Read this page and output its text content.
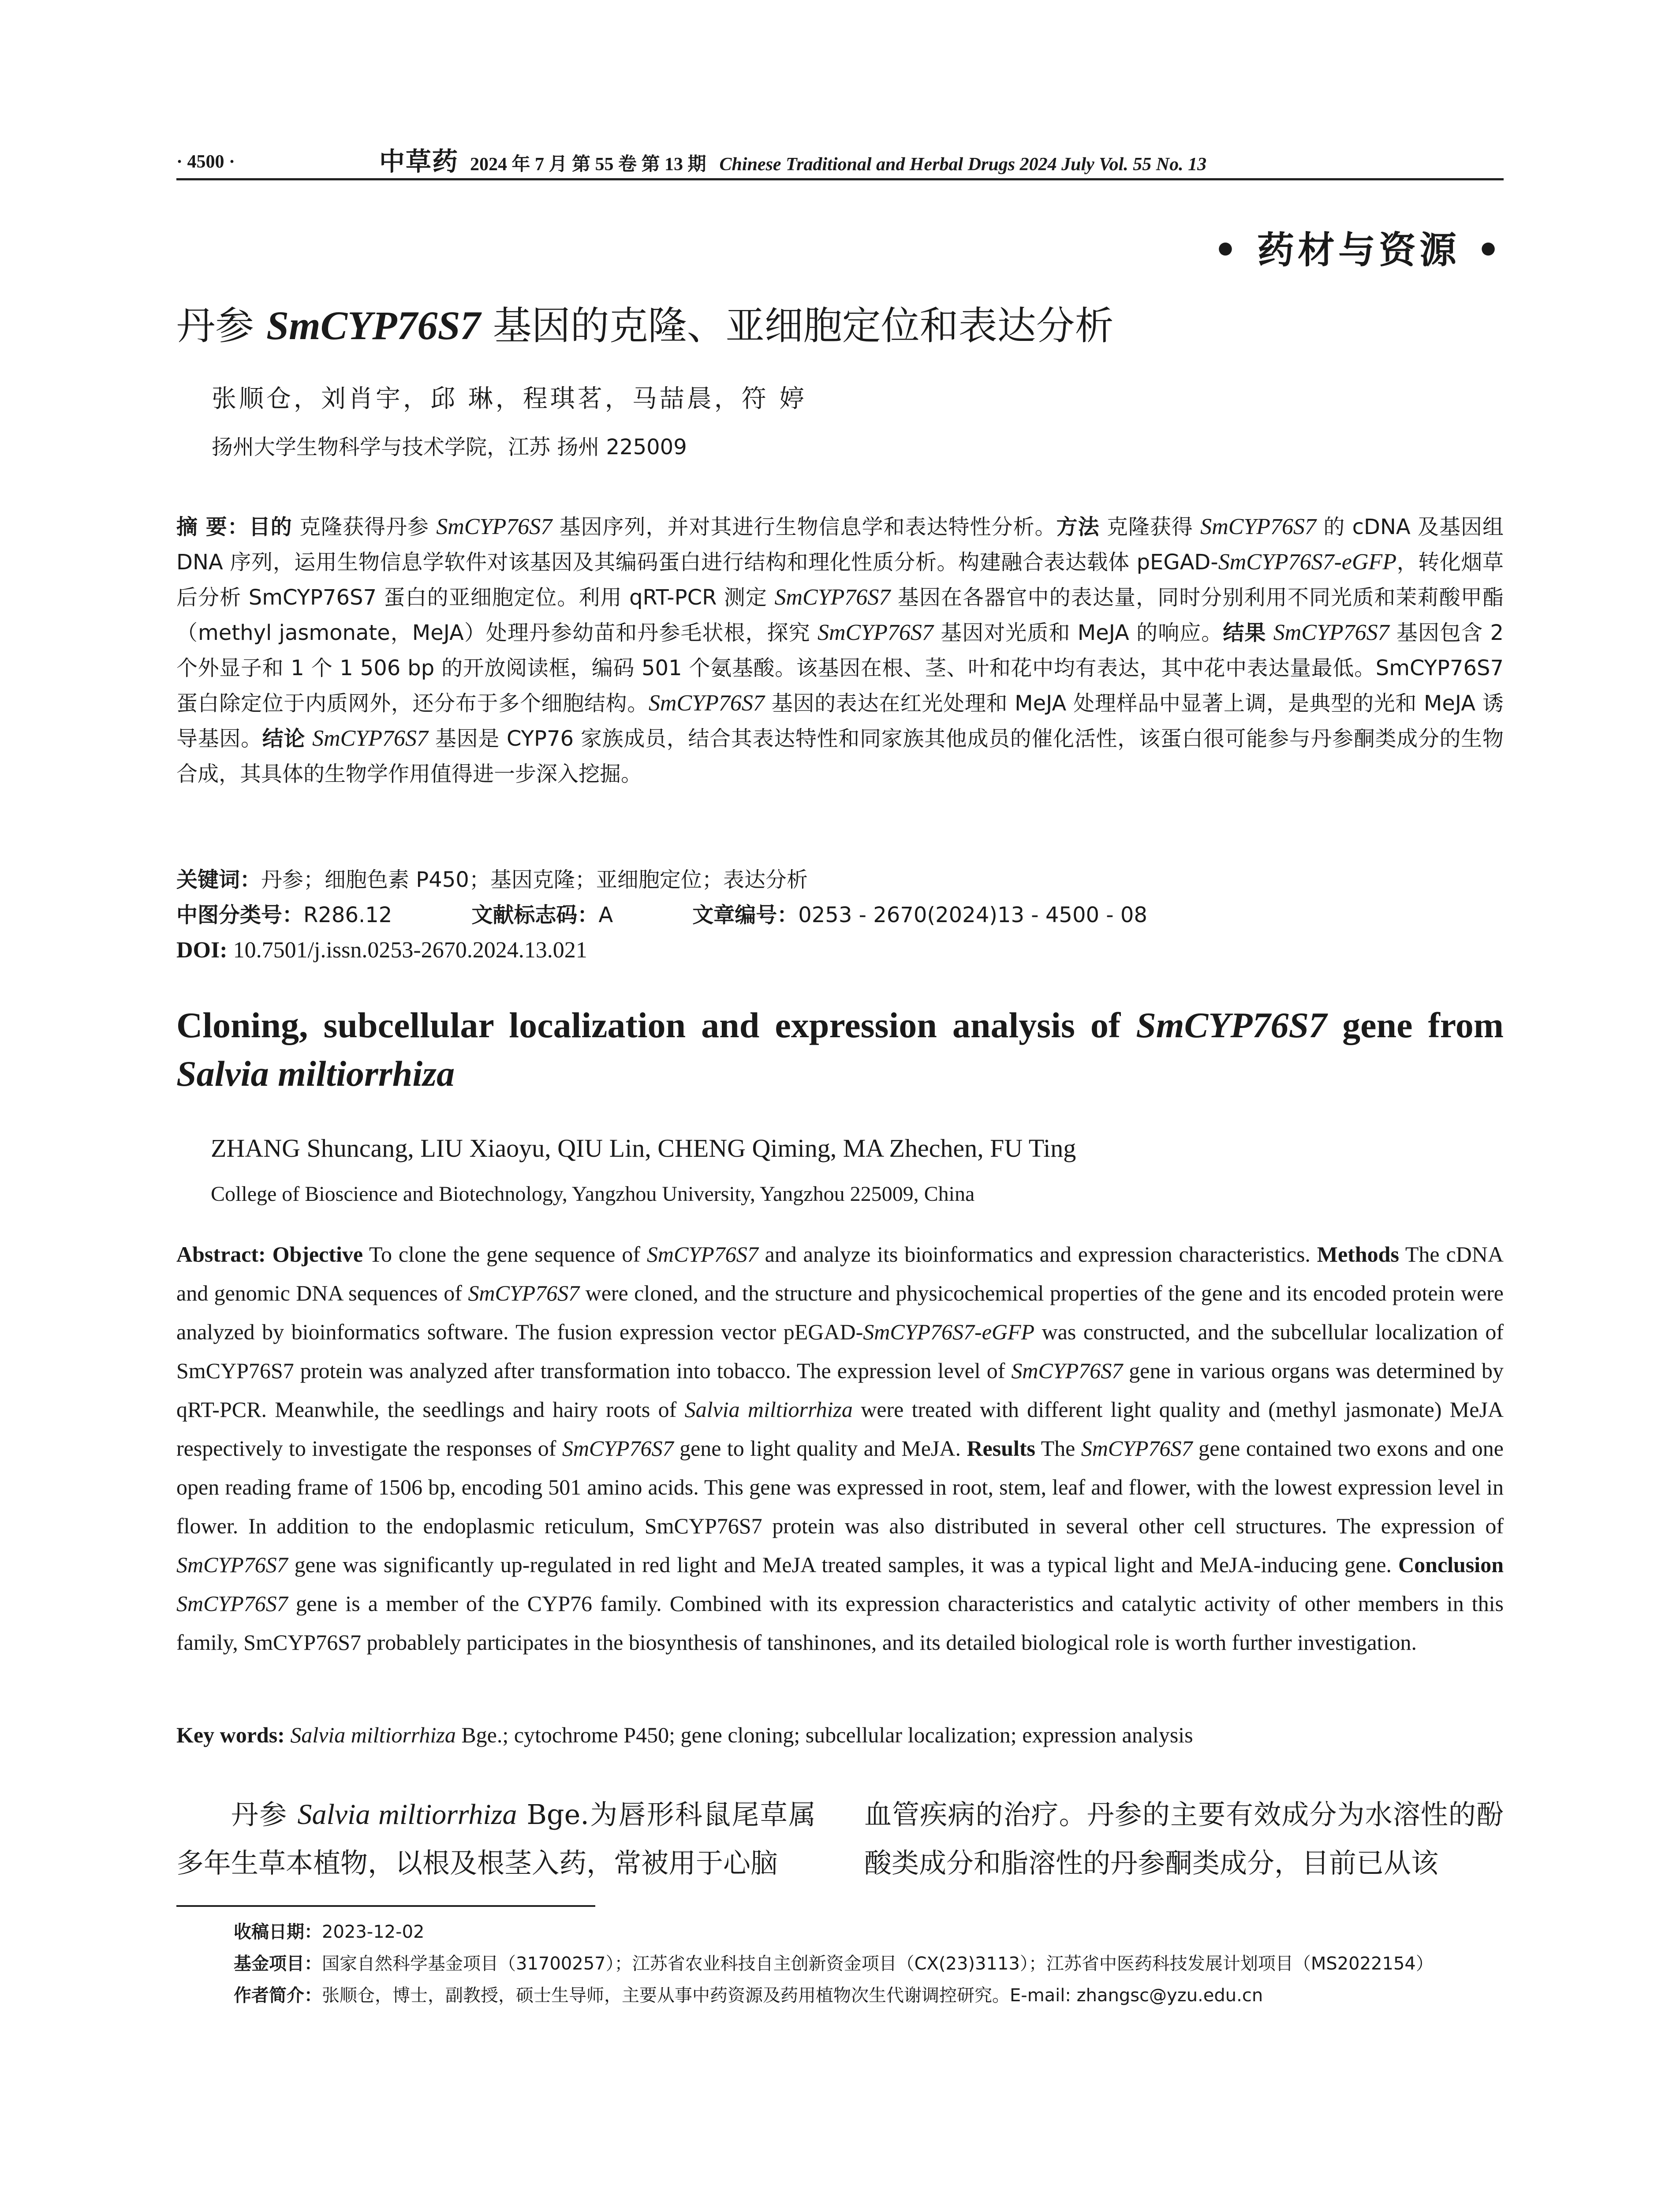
· 4500 ·	中草药 2024 年 7 月 第 55 卷 第 13 期 Chinese Traditional and Herbal Drugs 2024 July Vol. 55 No. 13
• 药材与资源 •
丹参 SmCYP76S7 基因的克隆、亚细胞定位和表达分析
张顺仓，刘肖宇，邱 琳，程琪茗，马喆晨，符 婷
扬州大学生物科学与技术学院，江苏 扬州 225009

摘 要：目的 克隆获得丹参 SmCYP76S7 基因序列，并对其进行生物信息学和表达特性分析。方法 克隆获得 SmCYP76S7 的 cDNA 及基因组 DNA 序列，运用生物信息学软件对该基因及其编码蛋白进行结构和理化性质分析。构建融合表达载体 pEGAD-SmCYP76S7-eGFP，转化烟草后分析 SmCYP76S7 蛋白的亚细胞定位。利用 qRT-PCR 测定 SmCYP76S7 基因在各器官中的表达量，同时分别利用不同光质和茉莉酸甲酯（methyl jasmonate，MeJA）处理丹参幼苗和丹参毛状根，探究 SmCYP76S7 基因对光质和 MeJA 的响应。结果 SmCYP76S7 基因包含 2 个外显子和 1 个 1 506 bp 的开放阅读框，编码 501 个氨基酸。该基因在根、茎、叶和花中均有表达，其中花中表达量最低。SmCYP76S7 蛋白除定位于内质网外，还分布于多个细胞结构。SmCYP76S7 基因的表达在红光处理和 MeJA 处理样品中显著上调，是典型的光和 MeJA 诱导基因。结论 SmCYP76S7 基因是 CYP76 家族成员，结合其表达特性和同家族其他成员的催化活性，该蛋白很可能参与丹参酮类成分的生物合成，其具体的生物学作用值得进一步深入挖掘。

关键词：丹参；细胞色素 P450；基因克隆；亚细胞定位；表达分析
中图分类号：R286.12	文献标志码：A	文章编号：0253 - 2670(2024)13 - 4500 - 08
DOI: 10.7501/j.issn.0253-2670.2024.13.021
Cloning, subcellular localization and expression analysis of SmCYP76S7 gene from Salvia miltiorrhiza
ZHANG Shuncang, LIU Xiaoyu, QIU Lin, CHENG Qiming, MA Zhechen, FU Ting
College of Bioscience and Biotechnology, Yangzhou University, Yangzhou 225009, China

Abstract: Objective To clone the gene sequence of SmCYP76S7 and analyze its bioinformatics and expression characteristics. Methods The cDNA and genomic DNA sequences of SmCYP76S7 were cloned, and the structure and physicochemical properties of the gene and its encoded protein were analyzed by bioinformatics software. The fusion expression vector pEGAD-SmCYP76S7-eGFP was constructed, and the subcellular localization of SmCYP76S7 protein was analyzed after transformation into tobacco. The expression level of SmCYP76S7 gene in various organs was determined by qRT-PCR. Meanwhile, the seedlings and hairy roots of Salvia miltiorrhiza were treated with different light quality and (methyl jasmonate) MeJA respectively to investigate the responses of SmCYP76S7 gene to light quality and MeJA. Results The SmCYP76S7 gene contained two exons and one open reading frame of 1506 bp, encoding 501 amino acids. This gene was expressed in root, stem, leaf and flower, with the lowest expression level in flower. In addition to the endoplasmic reticulum, SmCYP76S7 protein was also distributed in several other cell structures. The expression of SmCYP76S7 gene was significantly up-regulated in red light and MeJA treated samples, it was a typical light and MeJA-inducing gene. Conclusion SmCYP76S7 gene is a member of the CYP76 family. Combined with its expression characteristics and catalytic activity of other members in this family, SmCYP76S7 probablely participates in the biosynthesis of tanshinones, and its detailed biological role is worth further investigation.

Key words: Salvia miltiorrhiza Bge.; cytochrome P450; gene cloning; subcellular localization; expression analysis

丹参 Salvia miltiorrhiza Bge.为唇形科鼠尾草属多年生草本植物，以根及根茎入药，常被用于心脑

血管疾病的治疗。丹参的主要有效成分为水溶性的酚酸类成分和脂溶性的丹参酮类成分，目前已从该

收稿日期：2023-12-02

基金项目：国家自然科学基金项目（31700257）；江苏省农业科技自主创新资金项目（CX(23)3113）；江苏省中医药科技发展计划项目（MS2022154）

作者简介：张顺仓，博士，副教授，硕士生导师，主要从事中药资源及药用植物次生代谢调控研究。E-mail: zhangsc@yzu.edu.cn
